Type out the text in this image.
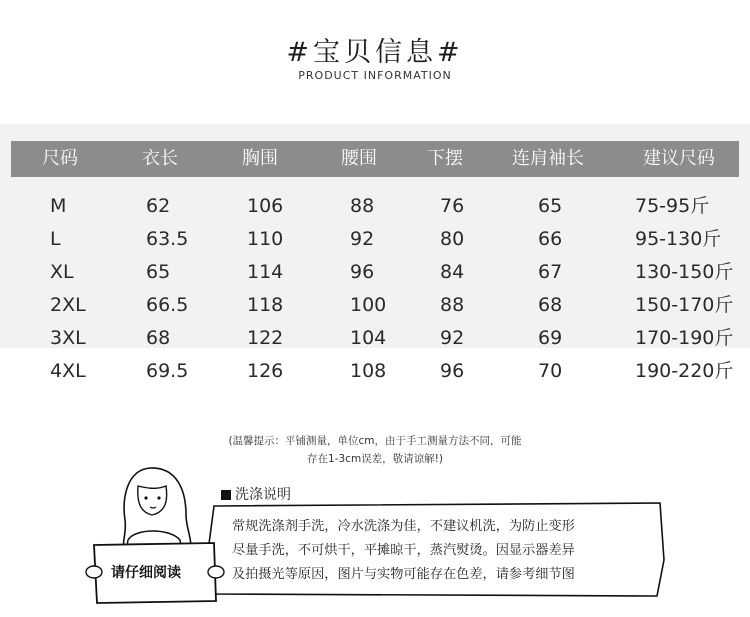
#宝贝信息#
PRODUCT INFORMATION
尺码	衣长	胸围	腰围	下摆	连肩袖长	建议尺码
M	62	106	88	76	65	75-95斤
L	63.5	110	92	80	66	95-130斤
XL	65	114	96	84	67	130-150斤
2XL	66.5	118	100	88	68	150-170斤
3XL	68	122	104	92	69	170-190斤
4XL	69.5	126	108	96	70	190-220斤
(温馨提示：平铺测量，单位cm，由于手工测量方法不同，可能
存在1-3cm误差，敬请谅解!)
洗涤说明
常规洗涤剂手洗，冷水洗涤为佳，不建议机洗，为防止变形
尽量手洗，不可烘干，平摊晾干，蒸汽熨烫。因显示器差异
及拍摄光等原因，图片与实物可能存在色差，请参考细节图
请仔细阅读
